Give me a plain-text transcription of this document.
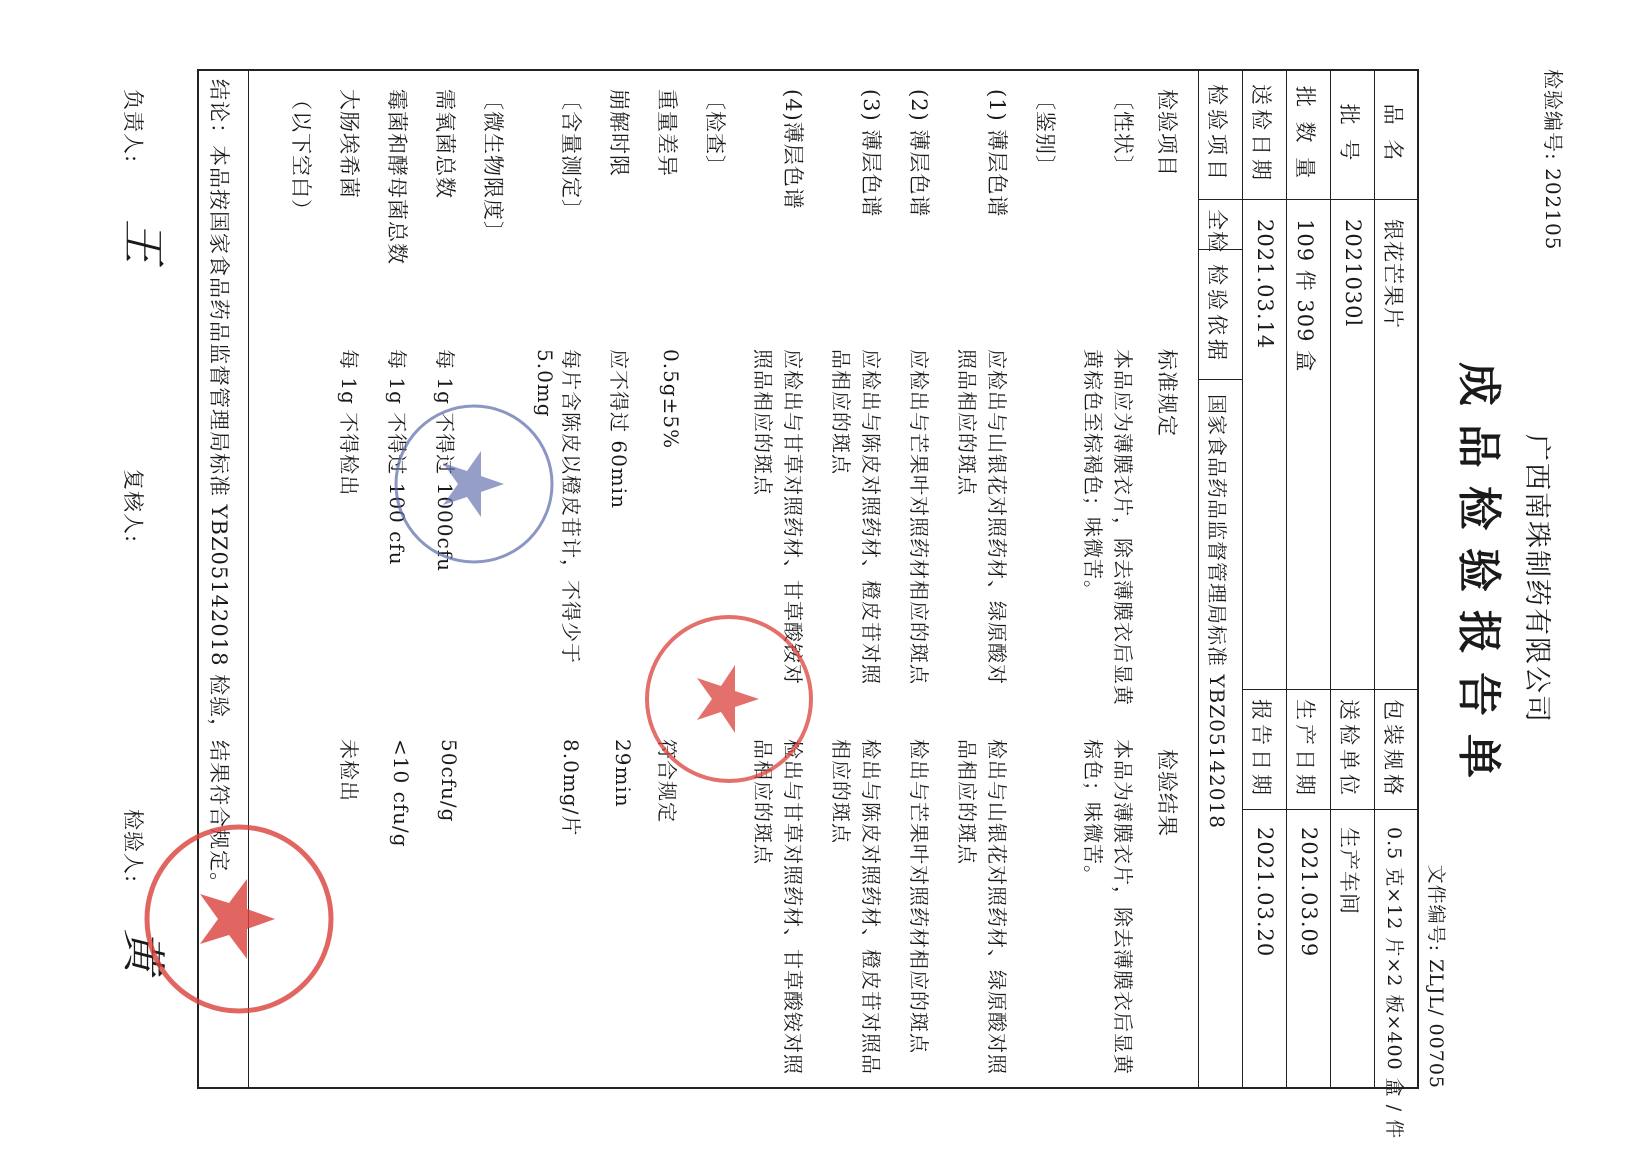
检验编号: 202105
广西南珠制药有限公司
成品检验报告单
文件编号: ZLJL/ 00705
品 名
银花芒果片
包装规格
0.5 克×12 片×2 板×400 盒 / 件
批 号
2021030l
送检单位
生产车间
批 数 量
109 件 309 盒
生产日期
2021.03.09
送检日期
2021.03.14
报告日期
2021.03.20
检验项目
全检
检验依据
国家食品药品监督管理局标准 YBZ05142018
检验项目
标准规定
检验结果
〔性状〕
本品应为薄膜衣片，除去薄膜衣后显黄
黄棕色至棕褐色；味微苦。
本品为薄膜衣片，除去薄膜衣后显黄
棕色；味微苦。
〔鉴别〕
(1) 薄层色谱
应检出与山银花对照药材、绿原酸对
照品相应的斑点
检出与山银花对照药材、绿原酸对照
品相应的斑点
(2) 薄层色谱
应检出与芒果叶对照药材相应的斑点
检出与芒果叶对照药材相应的斑点
(3) 薄层色谱
应检出与陈皮对照药材、橙皮苷对照
品相应的斑点
检出与陈皮对照药材、橙皮苷对照品
相应的斑点
(4)薄层色谱
应检出与甘草对照药材、甘草酸铵对
照品相应的斑点
检出与甘草对照药材、甘草酸铵对照
品相应的斑点
〔检查〕
重量差异
0.5g±5%
符合规定
崩解时限
应不得过 60min
29min
〔含量测定〕
每片含陈皮以橙皮苷计，不得少于
5.0mg
8.0mg/片
〔微生物限度〕
需氧菌总数
每 1g 不得过 1000cfu
50cfu/g
霉菌和酵母菌总数
每 1g 不得过 100 cfu
<10 cfu/g
大肠埃希菌
每 1g 不得检出
未检出
（以下空白）
结论：本品按国家食品药品监督管理局标准 YBZ05142018 检验，结果符合规定。
负责人:
王
复核人:
检验人:
黄
